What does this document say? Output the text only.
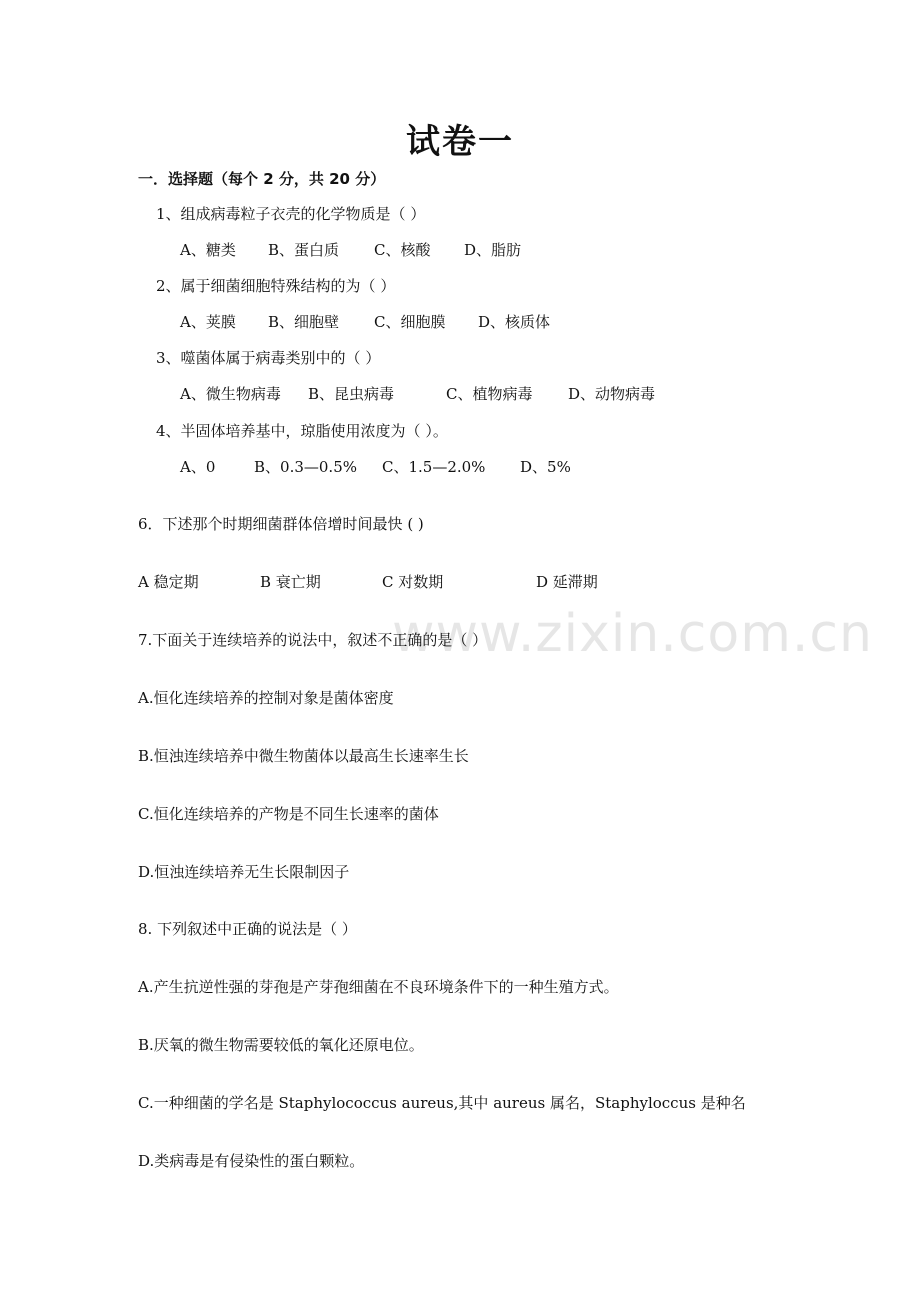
www.zixin.com.cn
试卷一
一．选择题（每个 2 分，共 20 分）
1、组成病毒粒子衣壳的化学物质是（ ）
A、糖类 B、蛋白质 C、核酸 D、脂肪
2、属于细菌细胞特殊结构的为（ ）
A、荚膜 B、细胞壁 C、细胞膜 D、核质体
3、噬菌体属于病毒类别中的（ ）
A、微生物病毒 B、昆虫病毒	C、植物病毒 D、动物病毒
4、半固体培养基中，琼脂使用浓度为（ ）。
A、0	B、0.3—0.5% C、1.5—2.0% D、5%
6．下述那个时期细菌群体倍增时间最快 ( )
A 稳定期	B 衰亡期	C 对数期	D 延滞期
7.下面关于连续培养的说法中，叙述不正确的是（ ）
A.恒化连续培养的控制对象是菌体密度
B.恒浊连续培养中微生物菌体以最高生长速率生长
C.恒化连续培养的产物是不同生长速率的菌体
D.恒浊连续培养无生长限制因子
8. 下列叙述中正确的说法是（ ）
A.产生抗逆性强的芽孢是产芽孢细菌在不良环境条件下的一种生殖方式。
B.厌氧的微生物需要较低的氧化还原电位。
C.一种细菌的学名是 Staphylococcus aureus,其中 aureus 属名，Staphyloccus 是种名
D.类病毒是有侵染性的蛋白颗粒。
